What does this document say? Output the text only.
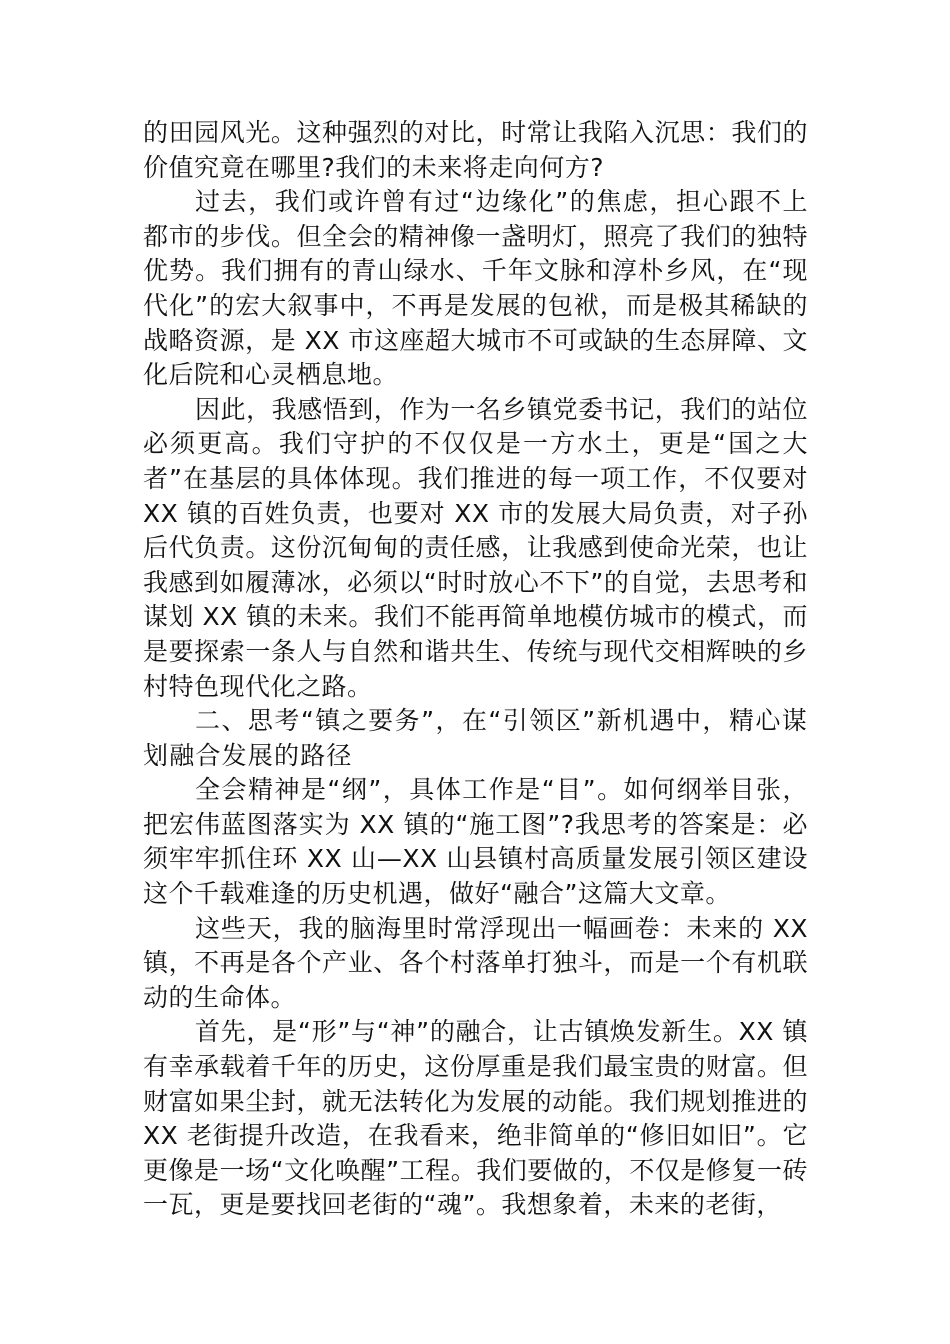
的田园风光。这种强烈的对比，时常让我陷入沉思：我们的价值究竟在哪里?我们的未来将走向何方?

过去，我们或许曾有过“边缘化”的焦虑，担心跟不上都市的步伐。但全会的精神像一盏明灯，照亮了我们的独特优势。我们拥有的青山绿水、千年文脉和淳朴乡风，在“现代化”的宏大叙事中，不再是发展的包袱，而是极其稀缺的战略资源，是 XX 市这座超大城市不可或缺的生态屏障、文化后院和心灵栖息地。

因此，我感悟到，作为一名乡镇党委书记，我们的站位必须更高。我们守护的不仅仅是一方水土，更是“国之大者”在基层的具体体现。我们推进的每一项工作，不仅要对 XX 镇的百姓负责，也要对 XX 市的发展大局负责，对子孙后代负责。这份沉甸甸的责任感，让我感到使命光荣，也让我感到如履薄冰，必须以“时时放心不下”的自觉，去思考和谋划 XX 镇的未来。我们不能再简单地模仿城市的模式，而是要探索一条人与自然和谐共生、传统与现代交相辉映的乡村特色现代化之路。

二、思考“镇之要务”，在“引领区”新机遇中，精心谋划融合发展的路径

全会精神是“纲”，具体工作是“目”。如何纲举目张，把宏伟蓝图落实为 XX 镇的“施工图”?我思考的答案是：必须牢牢抓住环 XX 山—XX 山县镇村高质量发展引领区建设这个千载难逢的历史机遇，做好“融合”这篇大文章。

这些天，我的脑海里时常浮现出一幅画卷：未来的 XX 镇，不再是各个产业、各个村落单打独斗，而是一个有机联动的生命体。

首先，是“形”与“神”的融合，让古镇焕发新生。XX 镇有幸承载着千年的历史，这份厚重是我们最宝贵的财富。但财富如果尘封，就无法转化为发展的动能。我们规划推进的 XX 老街提升改造，在我看来，绝非简单的“修旧如旧”。它更像是一场“文化唤醒”工程。我们要做的，不仅是修复一砖一瓦，更是要找回老街的“魂”。我想象着，未来的老街，
